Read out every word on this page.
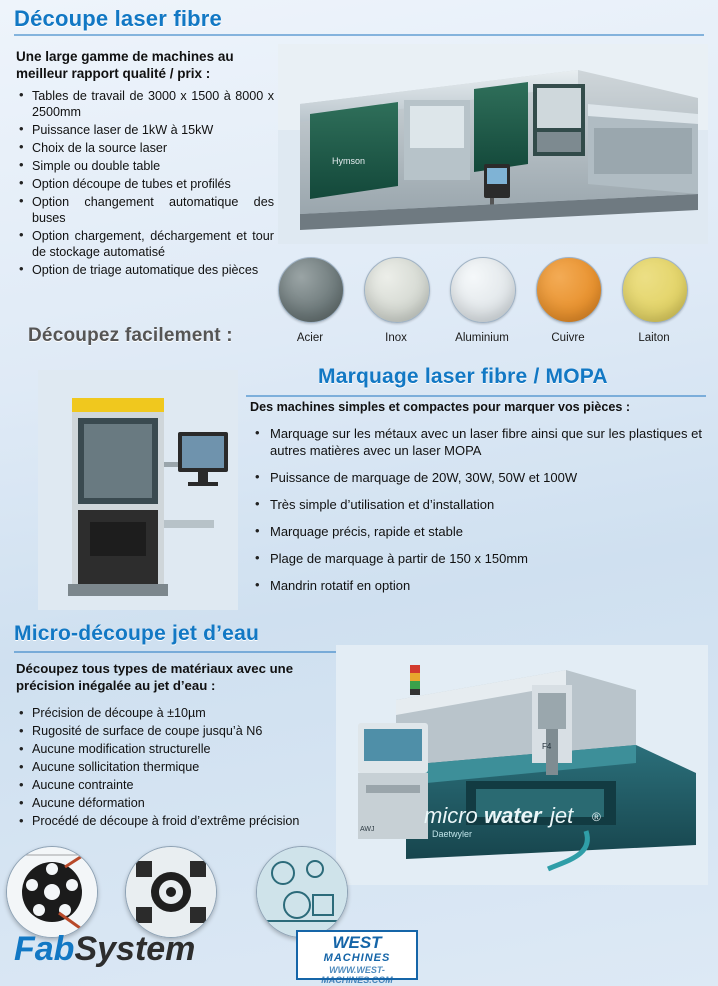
Découpe laser fibre
Une large gamme de machines au meilleur rapport qualité / prix :
• Tables de travail de 3000 x 1500 à 8000 x 2500mm
• Puissance laser de 1kW à 15kW
• Choix de la source laser
• Simple ou double table
• Option découpe de tubes et profilés
• Option changement automatique des buses
• Option chargement, déchargement et tour de stockage automatisé
• Option de triage automatique des pièces
Hymson
Acier	Inox	Aluminium	Cuivre	Laiton
Découpez facilement :
Marquage laser fibre / MOPA
Des machines simples et compactes pour marquer vos pièces :
• Marquage sur les métaux avec un laser fibre ainsi que sur les plastiques et autres matières avec un laser MOPA
• Puissance de marquage de 20W, 30W, 50W et 100W
• Très simple d’utilisation et d’installation
• Marquage précis, rapide et stable
• Plage de marquage à partir de 150 x 150mm
• Mandrin rotatif en option
Micro-découpe jet d’eau
Découpez tous types de matériaux avec une précision inégalée au jet d’eau :
• Précision de découpe à ±10µm
• Rugosité de surface de coupe jusqu’à N6
• Aucune modification structurelle
• Aucune sollicitation thermique
• Aucune contrainte
• Aucune déformation
• Procédé de découpe à froid d’extrême précision
F4
AWJ
micro water jet ®
Daetwyler
FabSystem	WEST
MACHINES
WWW.WEST-MACHINES.COM
